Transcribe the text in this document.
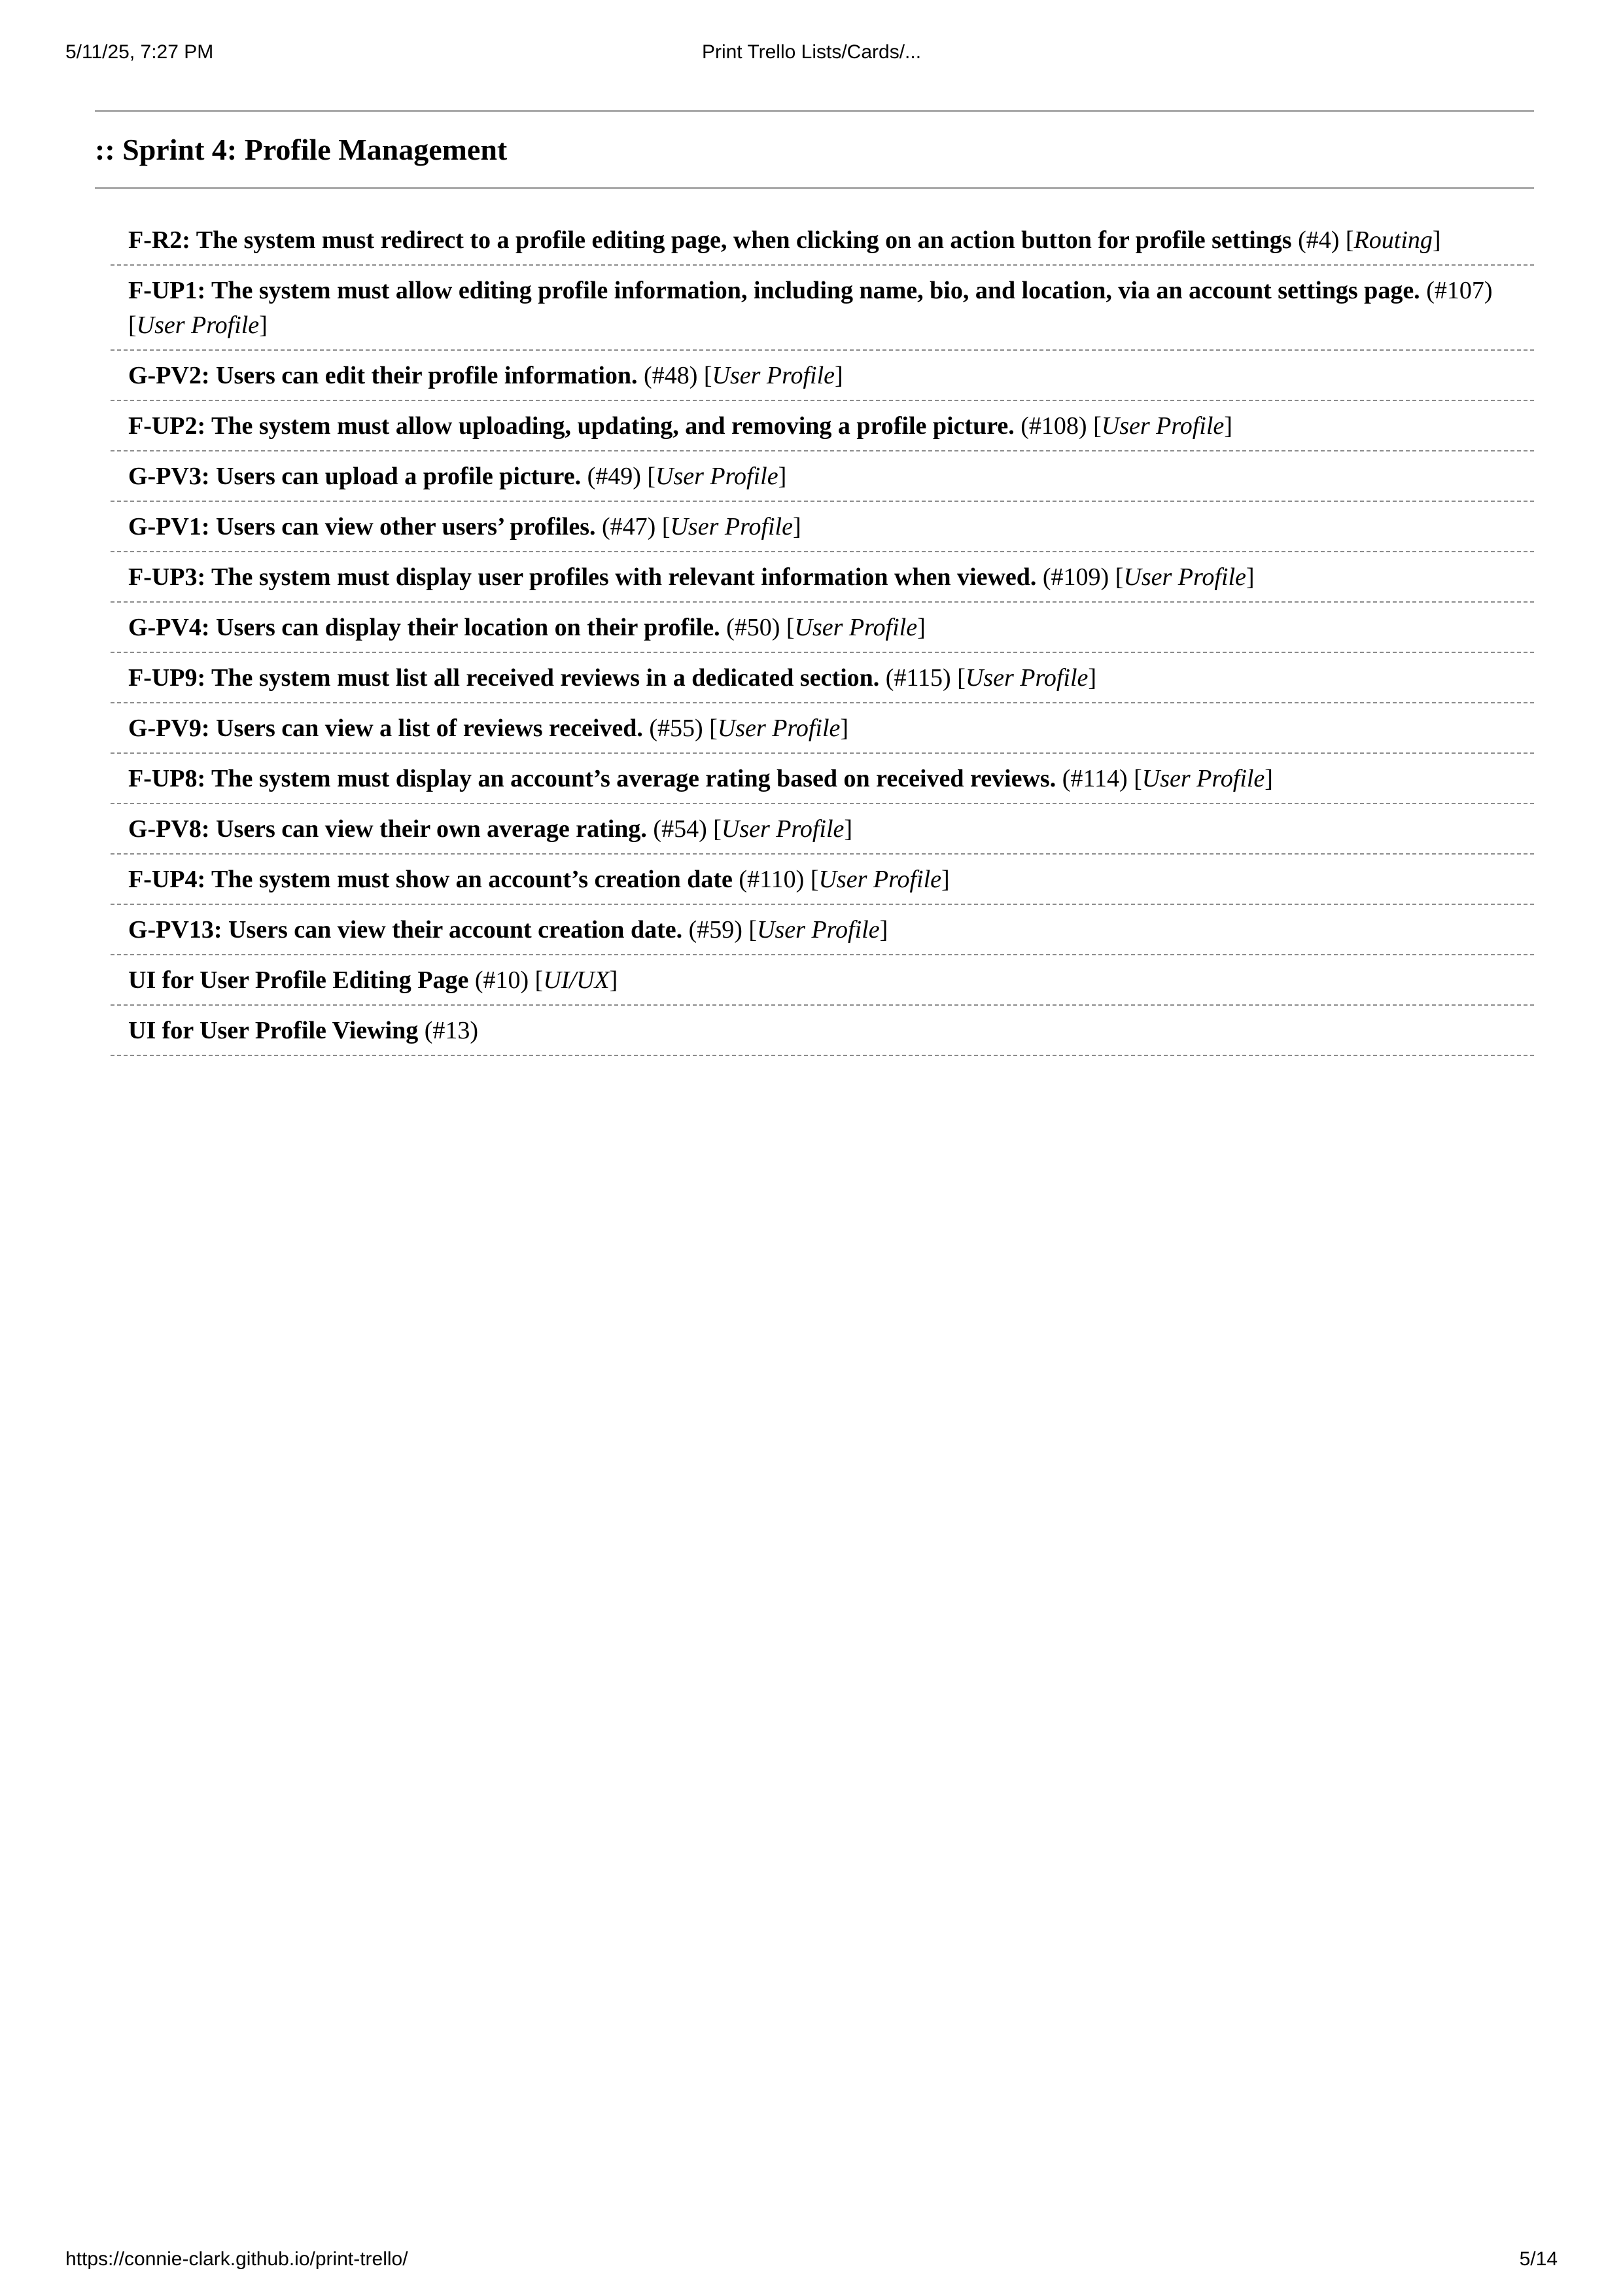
5/11/25, 7:27 PM	Print Trello Lists/Cards/...
:: Sprint 4: Profile Management
F-R2: The system must redirect to a profile editing page, when clicking on an action button for profile settings (#4) [Routing]
F-UP1: The system must allow editing profile information, including name, bio, and location, via an account settings page. (#107) [User Profile]
G-PV2: Users can edit their profile information. (#48) [User Profile]
F-UP2: The system must allow uploading, updating, and removing a profile picture. (#108) [User Profile]
G-PV3: Users can upload a profile picture. (#49) [User Profile]
G-PV1: Users can view other users’ profiles. (#47) [User Profile]
F-UP3: The system must display user profiles with relevant information when viewed. (#109) [User Profile]
G-PV4: Users can display their location on their profile. (#50) [User Profile]
F-UP9: The system must list all received reviews in a dedicated section. (#115) [User Profile]
G-PV9: Users can view a list of reviews received. (#55) [User Profile]
F-UP8: The system must display an account’s average rating based on received reviews. (#114) [User Profile]
G-PV8: Users can view their own average rating. (#54) [User Profile]
F-UP4: The system must show an account’s creation date (#110) [User Profile]
G-PV13: Users can view their account creation date. (#59) [User Profile]
UI for User Profile Editing Page (#10) [UI/UX]
UI for User Profile Viewing (#13)
https://connie-clark.github.io/print-trello/	5/14
